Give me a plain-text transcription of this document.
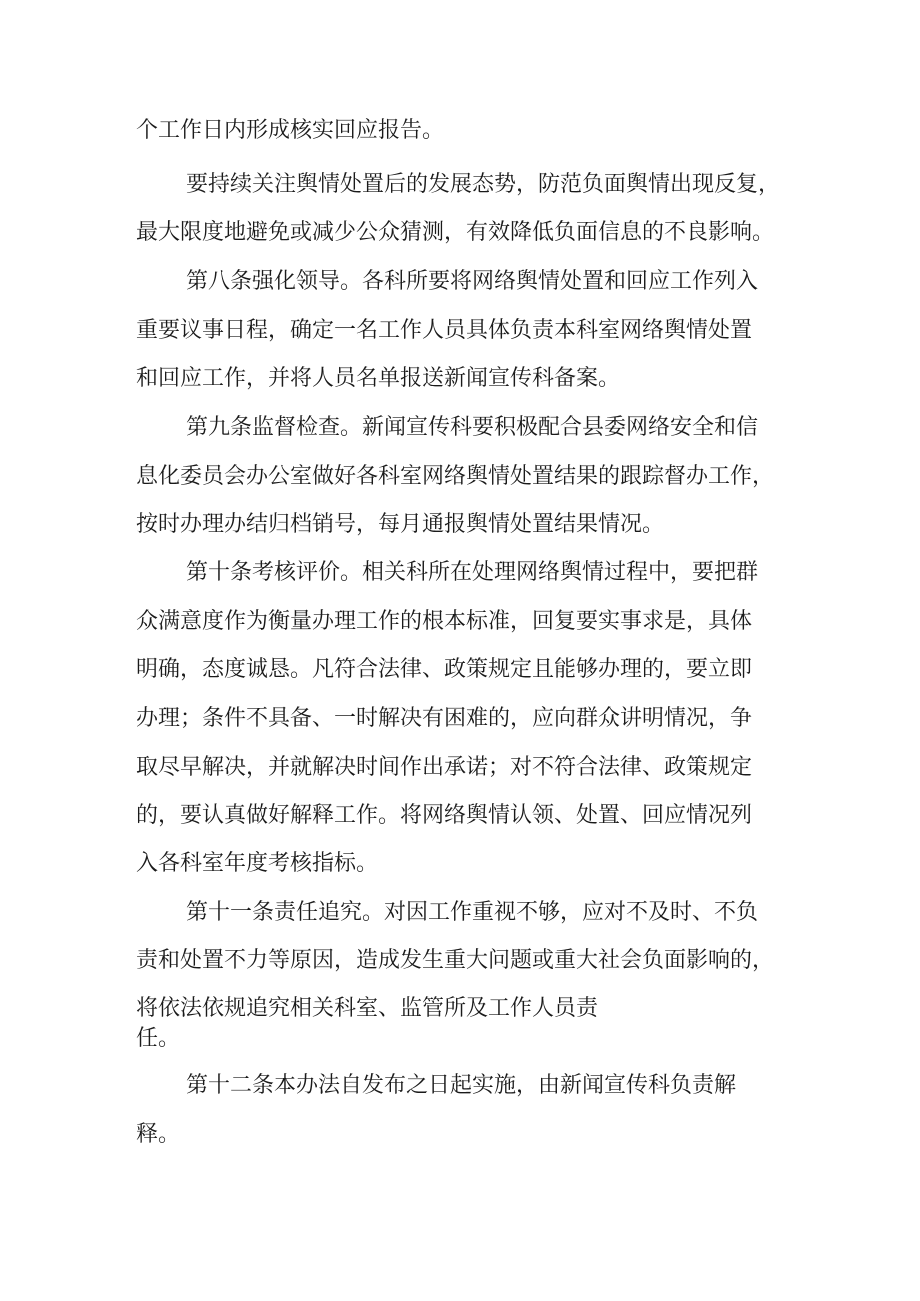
个工作日内形成核实回应报告。
要持续关注舆情处置后的发展态势，防范负面舆情出现反复，
最大限度地避免或减少公众猜测，有效降低负面信息的不良影响。
第八条强化领导。各科所要将网络舆情处置和回应工作列入
重要议事日程，确定一名工作人员具体负责本科室网络舆情处置
和回应工作，并将人员名单报送新闻宣传科备案。
第九条监督检查。新闻宣传科要积极配合县委网络安全和信
息化委员会办公室做好各科室网络舆情处置结果的跟踪督办工作，
按时办理办结归档销号，每月通报舆情处置结果情况。
第十条考核评价。相关科所在处理网络舆情过程中，要把群
众满意度作为衡量办理工作的根本标准，回复要实事求是，具体
明确，态度诚恳。凡符合法律、政策规定且能够办理的，要立即
办理；条件不具备、一时解决有困难的，应向群众讲明情况，争
取尽早解决，并就解决时间作出承诺；对不符合法律、政策规定
的，要认真做好解释工作。将网络舆情认领、处置、回应情况列
入各科室年度考核指标。
第十一条责任追究。对因工作重视不够，应对不及时、不负
责和处置不力等原因，造成发生重大问题或重大社会负面影响的，
将依法依规追究相关科室、监管所及工作人员责
任。
第十二条本办法自发布之日起实施，由新闻宣传科负责解
释。
